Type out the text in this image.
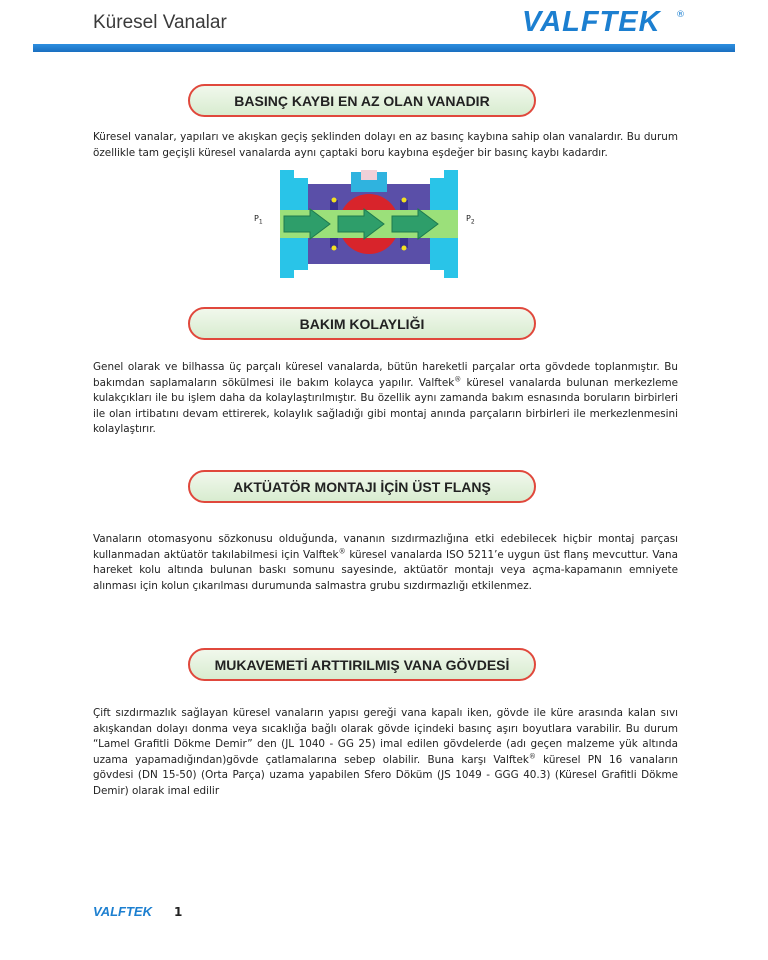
Küresel Vanalar	VALFTEK ®
BASINÇ KAYBI EN AZ OLAN VANADIR

Küresel vanalar, yapıları ve akışkan geçiş şeklinden dolayı en az basınç kaybına sahip olan vanalardır. Bu durum özellikle tam geçişli küresel vanalarda aynı çaptaki boru kaybına eşdeğer bir basınç kaybı kadardır.

$P_1$	$P_2$
BAKIM KOLAYLIĞI

Genel olarak ve bilhassa üç parçalı küresel vanalarda, bütün hareketli parçalar orta gövdede toplanmıştır. Bu bakımdan saplamaların sökülmesi ile bakım kolayca yapılır. Valftek® küresel vanalarda bulunan merkezleme kulakçıkları ile bu işlem daha da kolaylaştırılmıştır. Bu özellik aynı zamanda bakım esnasında boruların birbirleri ile olan irtibatını devam ettirerek, kolaylık sağladığı gibi montaj anında parçaların birbirleri ile merkezlenmesini kolaylaştırır.

AKTÜATÖR MONTAJI İÇİN ÜST FLANŞ

Vanaların otomasyonu sözkonusu olduğunda, vananın sızdırmazlığına etki edebilecek hiçbir montaj parçası kullanmadan aktüatör takılabilmesi için Valftek® küresel vanalarda ISO 5211’e uygun üst flanş mevcuttur. Vana hareket kolu altında bulunan baskı somunu sayesinde, aktüatör montajı veya açma-kapamanın emniyete alınması için kolun çıkarılması durumunda salmastra grubu sızdırmazlığı etkilenmez.

MUKAVEMETİ ARTTIRILMIŞ VANA GÖVDESİ

Çift sızdırmazlık sağlayan küresel vanaların yapısı gereği vana kapalı iken, gövde ile küre arasında kalan sıvı akışkandan dolayı donma veya sıcaklığa bağlı olarak gövde içindeki basınç aşırı boyutlara varabilir. Bu durum “Lamel Grafitli Dökme Demir” den (JL 1040 - GG 25) imal edilen gövdelerde (adı geçen malzeme yük altında uzama yapamadığından)gövde çatlamalarına sebep olabilir. Buna karşı Valftek® küresel PN 16 vanaların gövdesi (DN 15-50) (Orta Parça) uzama yapabilen Sfero Döküm (JS 1049 - GGG 40.3) (Küresel Grafitli Dökme Demir) olarak imal edilir

VALFTEK 1
